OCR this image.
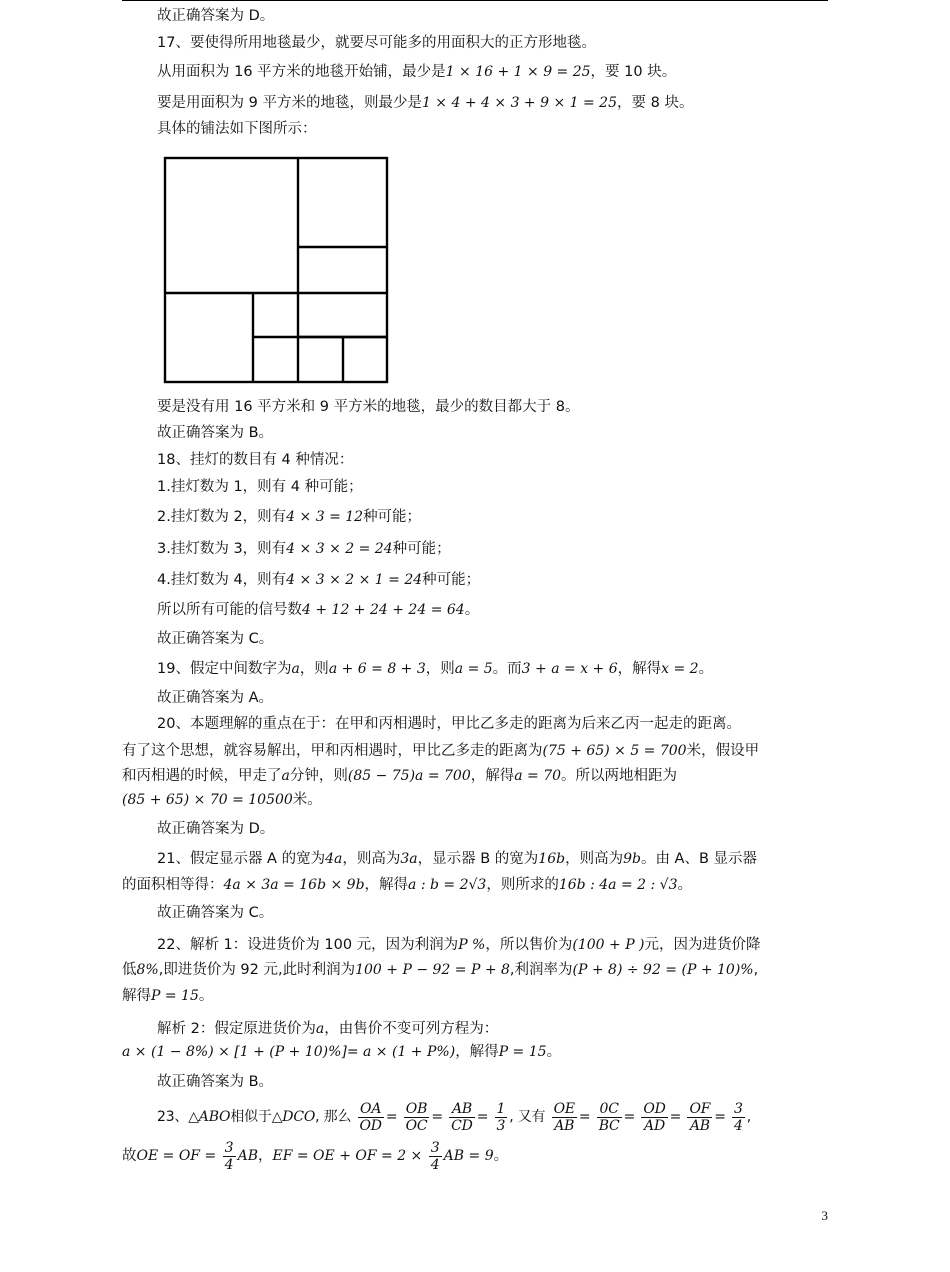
故正确答案为 D。
17、要使得所用地毯最少，就要尽可能多的用面积大的正方形地毯。
从用面积为 16 平方米的地毯开始铺，最少是1 × 16 + 1 × 9 = 25，要 10 块。
要是用面积为 9 平方米的地毯，则最少是1 × 4 + 4 × 3 + 9 × 1 = 25，要 8 块。
具体的铺法如下图所示：
要是没有用 16 平方米和 9 平方米的地毯，最少的数目都大于 8。
故正确答案为 B。
18、挂灯的数目有 4 种情况：
1.挂灯数为 1，则有 4 种可能；
2.挂灯数为 2，则有4 × 3 = 12种可能；
3.挂灯数为 3，则有4 × 3 × 2 = 24种可能；
4.挂灯数为 4，则有4 × 3 × 2 × 1 = 24种可能；
所以所有可能的信号数4 + 12 + 24 + 24 = 64。
故正确答案为 C。
19、假定中间数字为a，则a + 6 = 8 + 3，则a = 5。而3 + a = x + 6，解得x = 2。
故正确答案为 A。
20、本题理解的重点在于：在甲和丙相遇时，甲比乙多走的距离为后来乙丙一起走的距离。
有了这个思想，就容易解出，甲和丙相遇时，甲比乙多走的距离为(75 + 65) × 5 = 700米，假设甲
和丙相遇的时候，甲走了a分钟，则(85 − 75)a = 700，解得a = 70。所以两地相距为
(85 + 65) × 70 = 10500米。
故正确答案为 D。
21、假定显示器 A 的宽为4a，则高为3a，显示器 B 的宽为16b，则高为9b。由 A、B 显示器
的面积相等得：4a × 3a = 16b × 9b，解得a : b = 2√3，则所求的16b : 4a = 2 : √3。
故正确答案为 C。
22、解析 1：设进货价为 100 元，因为利润为P %，所以售价为(100 + P )元，因为进货价降
低8%,即进货价为 92 元,此时利润为100 + P − 92 = P + 8,利润率为(P + 8) ÷ 92 = (P + 10)%,
解得P = 15。
解析 2：假定原进货价为a，由售价不变可列方程为：
a × (1 − 8%) × [1 + (P + 10)%]= a × (1 + P%)，解得P = 15。
故正确答案为 B。
23、△ABO相似于△DCO, 那么 $\frac{OA}{OD} = \frac{OB}{OC} = \frac{AB}{CD} = \frac{1}{3}$ , 又有 $\frac{OE}{AB} = \frac{0C}{BC} = \frac{OD}{AD} = \frac{OF}{AB} = \frac{3}{4}$ ,
故OE = OF = $\frac{3}{4}$ AB，EF = OE + OF = $2 \times \frac{3}{4}$ AB = 9。
3
